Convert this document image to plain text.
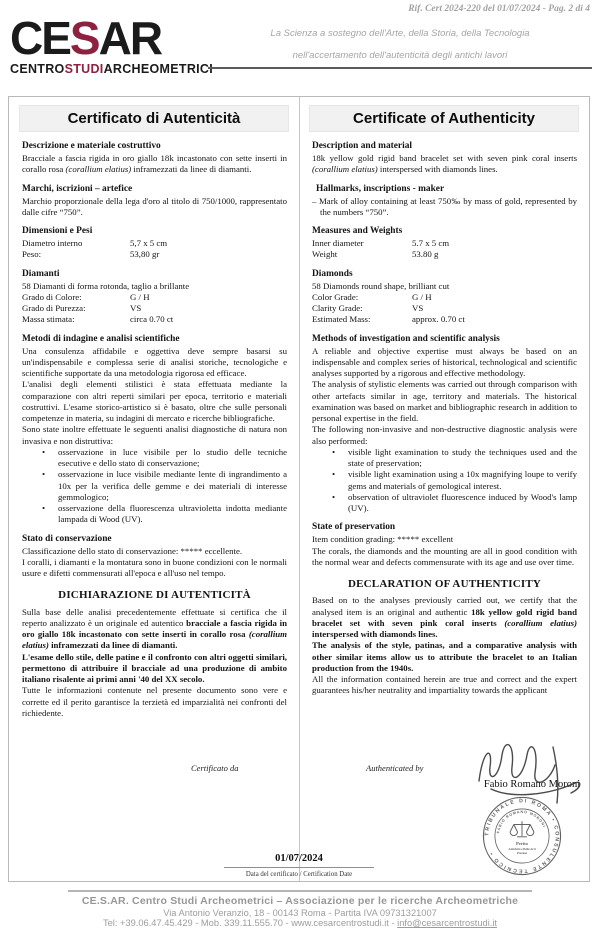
Rif. Cert 2024-220 del 01/07/2024 - Pag. 2 di 4
CESAR
CENTROSTUDIARCHEOMETRICI
La Scienza a sostegno dell'Arte, della Storia, della Tecnologia
nell'accertamento dell'autenticità degli antichi lavori
Certificato di Autenticità	Certificate of Authenticity
Descrizione e materiale costruttivo

Bracciale a fascia rigida in oro giallo 18k incastonato con sette inserti in corallo rosa (corallium elatius) inframezzati da linee di diamanti.

Marchi, iscrizioni – artefice

Marchio proporzionale della lega d'oro al titolo di 750/1000, rappresentato dalle cifre “750”.

Dimensioni e Pesi
Diametro interno	5,7 x 5 cm
Peso:	53,80 gr
Diamanti

58 Diamanti di forma rotonda, taglio a brillante

Grado di Colore:	G / H
Grado di Purezza:	VS
Massa stimata:	circa 0.70 ct
Metodi di indagine e analisi scientifiche

Una consulenza affidabile e oggettiva deve sempre basarsi su un'indispensabile e complessa serie di analisi storiche, tecnologiche e scientifiche supportate da una metodologia rigorosa ed efficace.

L'analisi degli elementi stilistici è stata effettuata mediante la comparazione con altri reperti similari per epoca, territorio e materiali costruttivi. L'esame storico-artistico si è basato, oltre che sulle personali competenze in materia, su indagini di mercato e ricerche bibliografiche.

Sono state inoltre effettuate le seguenti analisi diagnostiche di natura non invasiva e non distruttiva:

• osservazione in luce visibile per lo studio delle tecniche esecutive e dello stato di conservazione;
• osservazione in luce visibile mediante lente di ingrandimento a 10x per la verifica delle gemme e dei materiali di interesse gemmologico;
• osservazione della fluorescenza ultravioletta indotta mediante lampada di Wood (UV).
Stato di conservazione

Classificazione dello stato di conservazione: ***** eccellente.

I coralli, i diamanti e la montatura sono in buone condizioni con le normali usure e difetti commensurati all'epoca e all'uso nel tempo.

DICHIARAZIONE DI AUTENTICITÀ

Sulla base delle analisi precedentemente effettuate si certifica che il reperto analizzato è un originale ed autentico bracciale a fascia rigida in oro giallo 18k incastonato con sette inserti in corallo rosa (corallium elatius) inframezzati da linee di diamanti.

L'esame dello stile, delle patine e il confronto con altri oggetti similari, permettono di attribuire il bracciale ad una produzione di ambito italiano risalente ai primi anni '40 del XX secolo.

Tutte le informazioni contenute nel presente documento sono vere e corrette ed il perito garantisce la terzietà ed imparzialità nei confronti del richiedente.

Description and material

18k yellow gold rigid band bracelet set with seven pink coral inserts (corallium elatius) interspersed with diamonds lines.

Hallmarks, inscriptions - maker

– Mark of alloy containing at least 750‰ by mass of gold, represented by the numbers “750”.

Measures and Weights
Inner diameter	5.7 x 5 cm
Weight	53.80 g
Diamonds

58 Diamonds round shape, brilliant cut

Color Grade:	G / H
Clarity Grade:	VS
Estimated Mass:	approx. 0.70 ct
Methods of investigation and scientific analysis

A reliable and objective expertise must always be based on an indispensable and complex series of historical, technological and scientific analyses supported by a rigorous and effective methodology.

The analysis of stylistic elements was carried out through comparison with other artefacts similar in age, territory and materials. The historical examination was based on market and bibliographic research in addition to personal expertise in the field.

The following non-invasive and non-destructive diagnostic analysis were also performed:

• visible light examination to study the techniques used and the state of preservation;
• visible light examination using a 10x magnifying loupe to verify gems and materials of gemological interest.
• observation of ultraviolet fluorescence induced by Wood's lamp (UV).
State of preservation

Item condition grading: ***** excellent

The corals, the diamonds and the mounting are all in good condition with the normal wear and defects commensurate with its age and use over time.

DECLARATION OF AUTHENTICITY

Based on to the analyses previously carried out, we certify that the analysed item is an original and authentic 18k yellow gold rigid band bracelet set with seven pink coral inserts (corallium elatius) interspersed with diamonds lines.

The analysis of the style, patinas, and a comparative analysis with other similar items allow us to attribute the bracelet to an Italian production from the 1940s.

All the information contained herein are true and correct and the expert guarantees his/her neutrality and impartiality towards the applicant

Certificato da	Authenticated by
Fabio Romano Moroni
TRIBUNALE DI ROMA • CONSULENTE TECNICO •
FABIO ROMANO MORONI
Perito
Antichità e Belle Arti
Preziosi
01/07/2024
Data del certificato / Certification Date
CE.S.AR. Centro Studi Archeometrici – Associazione per le ricerche Archeometriche
Via Antonio Veranzio, 18 - 00143 Roma - Partita IVA 09731321007
Tel: +39.06.47.45.429 - Mob. 339.11.555.70 - www.cesarcentrostudi.it - info@cesarcentrostudi.it
